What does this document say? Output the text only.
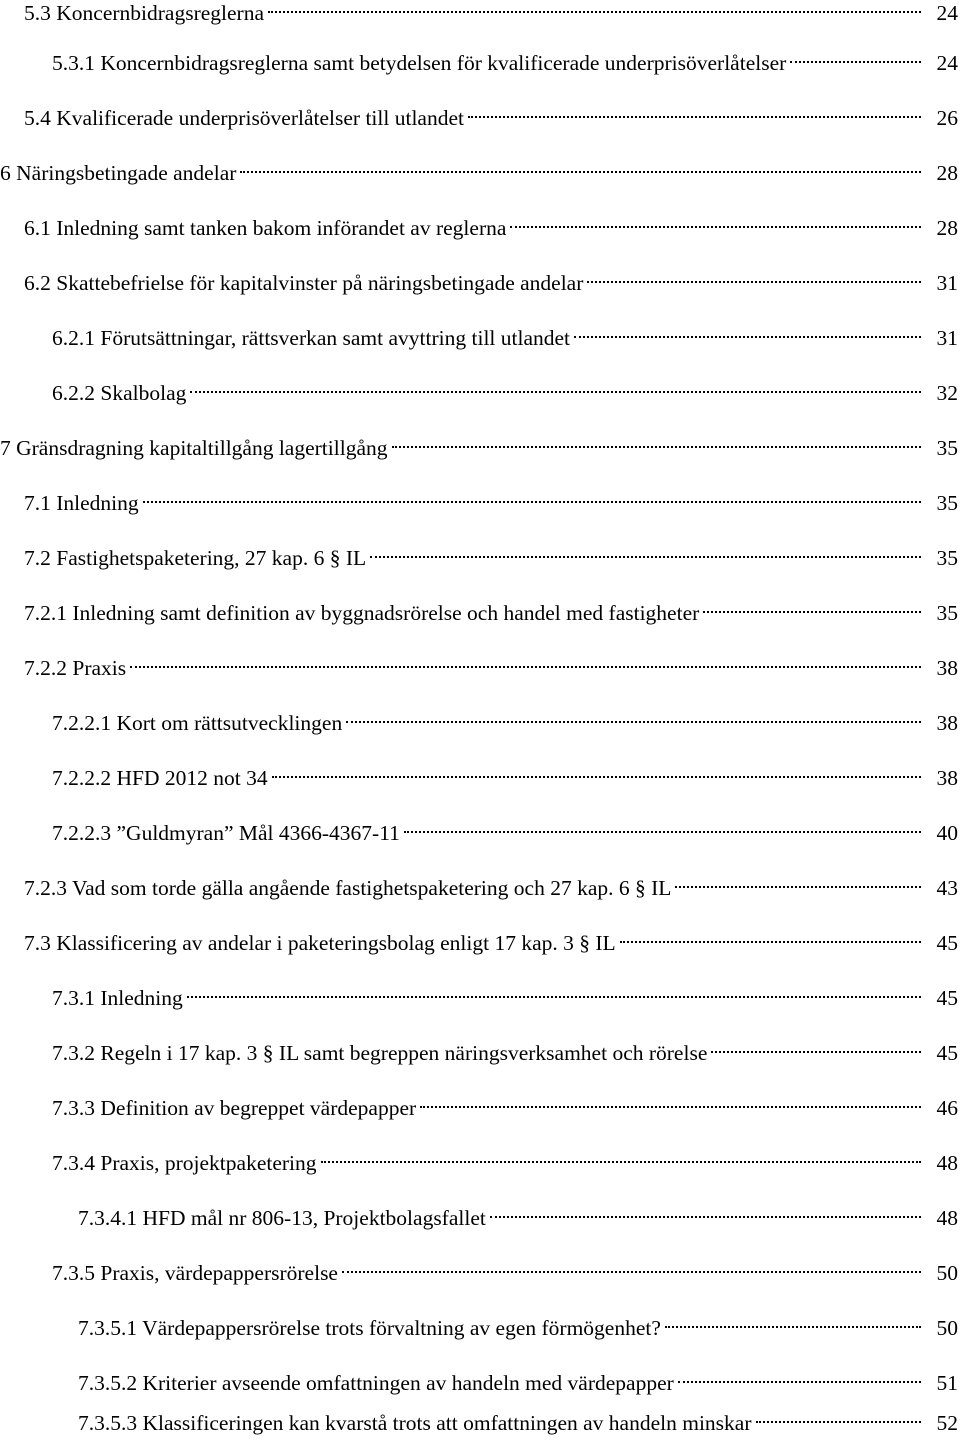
5.3 Koncernbidragsreglerna	24
5.3.1 Koncernbidragsreglerna samt betydelsen för kvalificerade underprisöverlåtelser	24
5.4 Kvalificerade underprisöverlåtelser till utlandet	26
6 Näringsbetingade andelar	28
6.1 Inledning samt tanken bakom införandet av reglerna	28
6.2 Skattebefrielse för kapitalvinster på näringsbetingade andelar	31
6.2.1 Förutsättningar, rättsverkan samt avyttring till utlandet	31
6.2.2 Skalbolag	32
7 Gränsdragning kapitaltillgång lagertillgång	35
7.1 Inledning	35
7.2 Fastighetspaketering, 27 kap. 6 § IL	35
7.2.1 Inledning samt definition av byggnadsrörelse och handel med fastigheter	35
7.2.2 Praxis	38
7.2.2.1 Kort om rättsutvecklingen	38
7.2.2.2 HFD 2012 not 34	38
7.2.2.3 ”Guldmyran” Mål 4366-4367-11	40
7.2.3 Vad som torde gälla angående fastighetspaketering och 27 kap. 6 § IL	43
7.3 Klassificering av andelar i paketeringsbolag enligt 17 kap. 3 § IL	45
7.3.1 Inledning	45
7.3.2 Regeln i 17 kap. 3 § IL samt begreppen näringsverksamhet och rörelse	45
7.3.3 Definition av begreppet värdepapper	46
7.3.4 Praxis, projektpaketering	48
7.3.4.1 HFD mål nr 806-13, Projektbolagsfallet	48
7.3.5 Praxis, värdepappersrörelse	50
7.3.5.1 Värdepappersrörelse trots förvaltning av egen förmögenhet?	50
7.3.5.2 Kriterier avseende omfattningen av handeln med värdepapper	51
7.3.5.3 Klassificeringen kan kvarstå trots att omfattningen av handeln minskar	52
